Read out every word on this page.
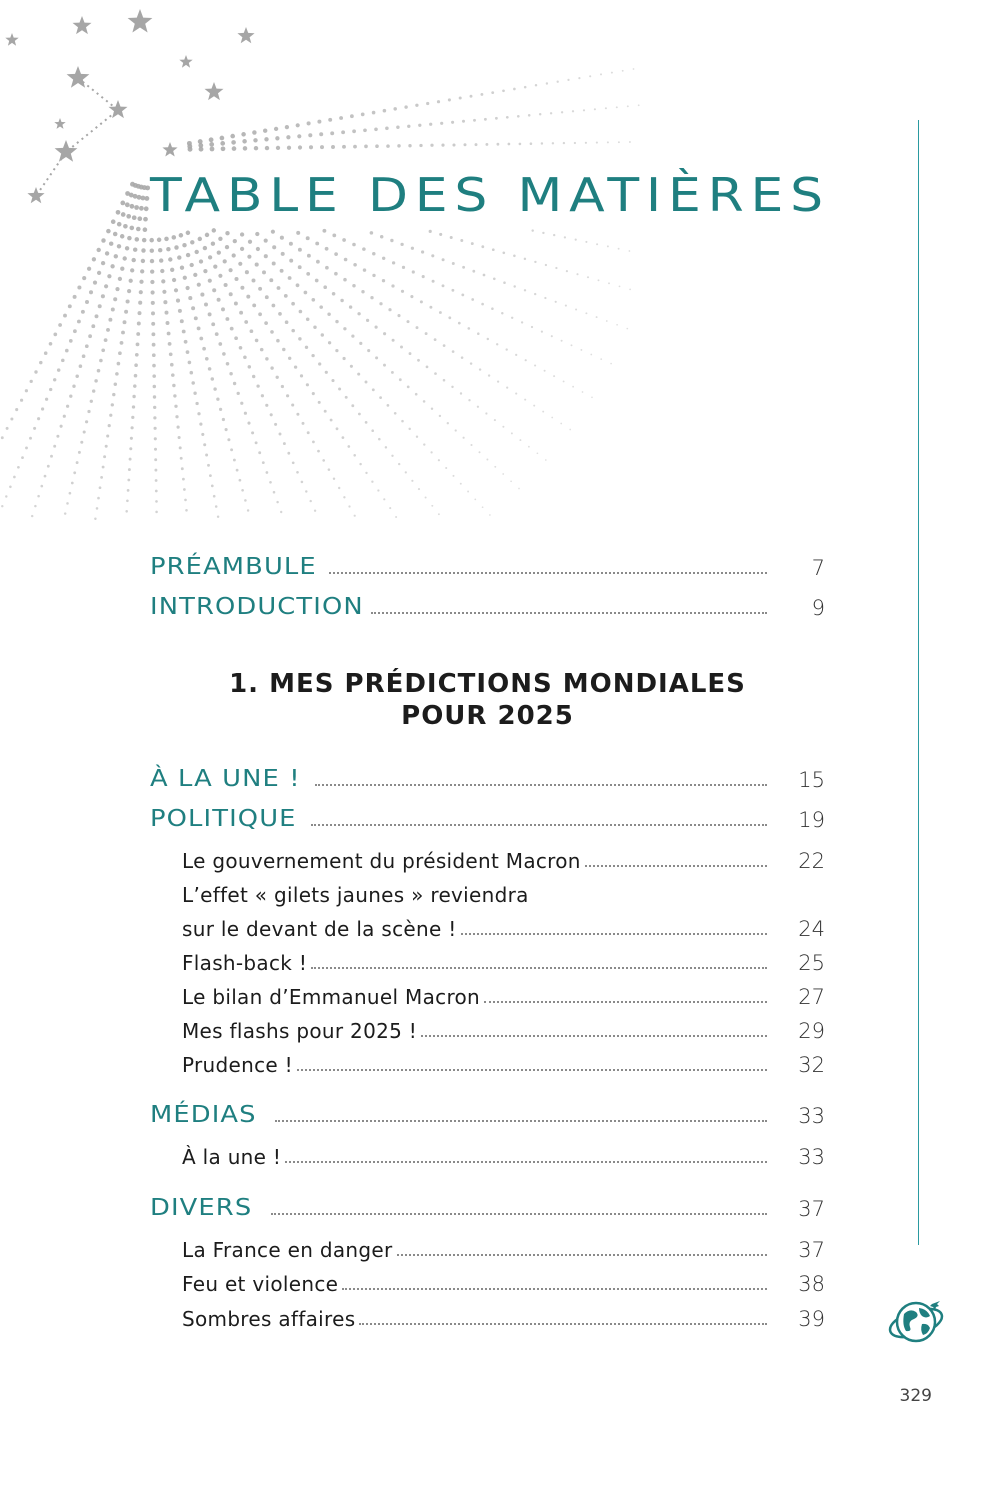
TABLE DES MATIÈRES
PRÉAMBULE	7
INTRODUCTION	9
1. MES PRÉDICTIONS MONDIALES
POUR 2025
À LA UNE !	15
POLITIQUE	19
Le gouvernement du président Macron	22
L’effet « gilets jaunes » reviendra
sur le devant de la scène !	24
Flash-back !	25
Le bilan d’Emmanuel Macron	27
Mes flashs pour 2025 !	29
Prudence !	32
MÉDIAS	33
À la une !	33
DIVERS	37
La France en danger	37
Feu et violence	38
Sombres affaires	39
329
